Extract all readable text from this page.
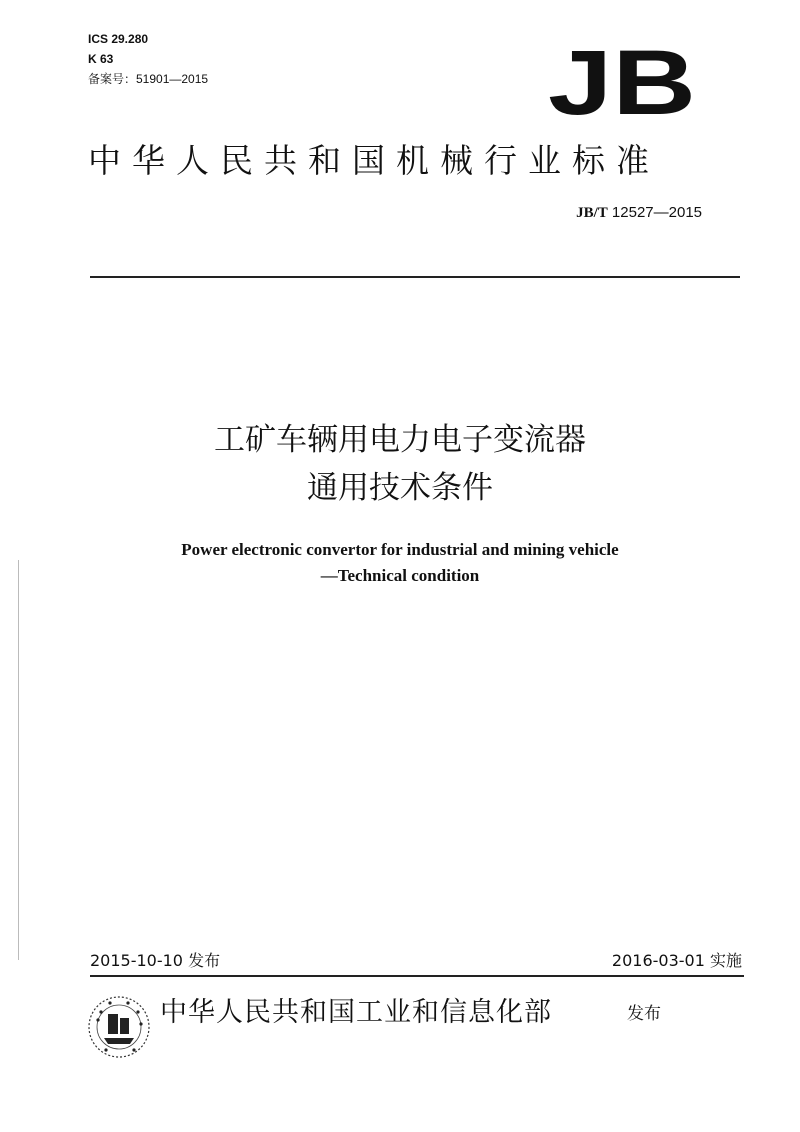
ICS 29.280
K 63
备案号：51901—2015	JB
中华人民共和国机械行业标准
JB/T 12527—2015
工矿车辆用电力电子变流器
通用技术条件
Power electronic convertor for industrial and mining vehicle
—Technical condition
2015-10-10 发布	2016-03-01 实施
中华人民共和国工业和信息化部	发布
